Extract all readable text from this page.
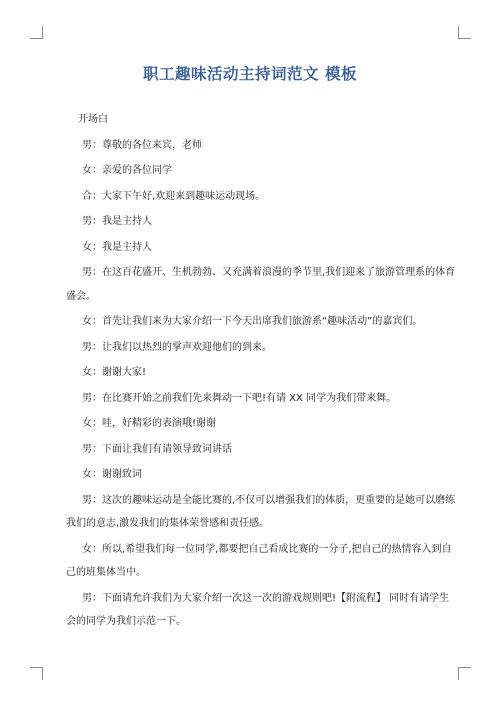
职工趣味活动主持词范文 模板

开场白

男：尊敬的各位来宾，老师

女：亲爱的各位同学

合：大家下午好,欢迎来到趣味运动现场。

男：我是主持人

女：我是主持人

男：在这百花盛开、生机勃勃、又充满着浪漫的季节里,我们迎来了旅游管理系的体育盛会。

女：首先让我们来为大家介绍一下今天出席我们旅游系“趣味活动”的嘉宾们。

男：让我们以热烈的掌声欢迎他们的到来。

女：谢谢大家!

男：在比赛开始之前我们先来舞动一下吧!有请 XX 同学为我们带来舞。

女：哇，好精彩的表演哦!谢谢

男：下面让我们有请领导致词讲话

女：谢谢致词

男：这次的趣味运动是全能比赛的,不仅可以增强我们的体质，更重要的是她可以磨练我们的意志,激发我们的集体荣誉感和责任感。

女：所以,希望我们每一位同学,都要把自己看成比赛的一分子,把自己的热情容入到自己的班集体当中。

男：下面请允许我们为大家介绍一次这一次的游戏规则吧!【附流程】 同时有请学生会的同学为我们示范一下。
